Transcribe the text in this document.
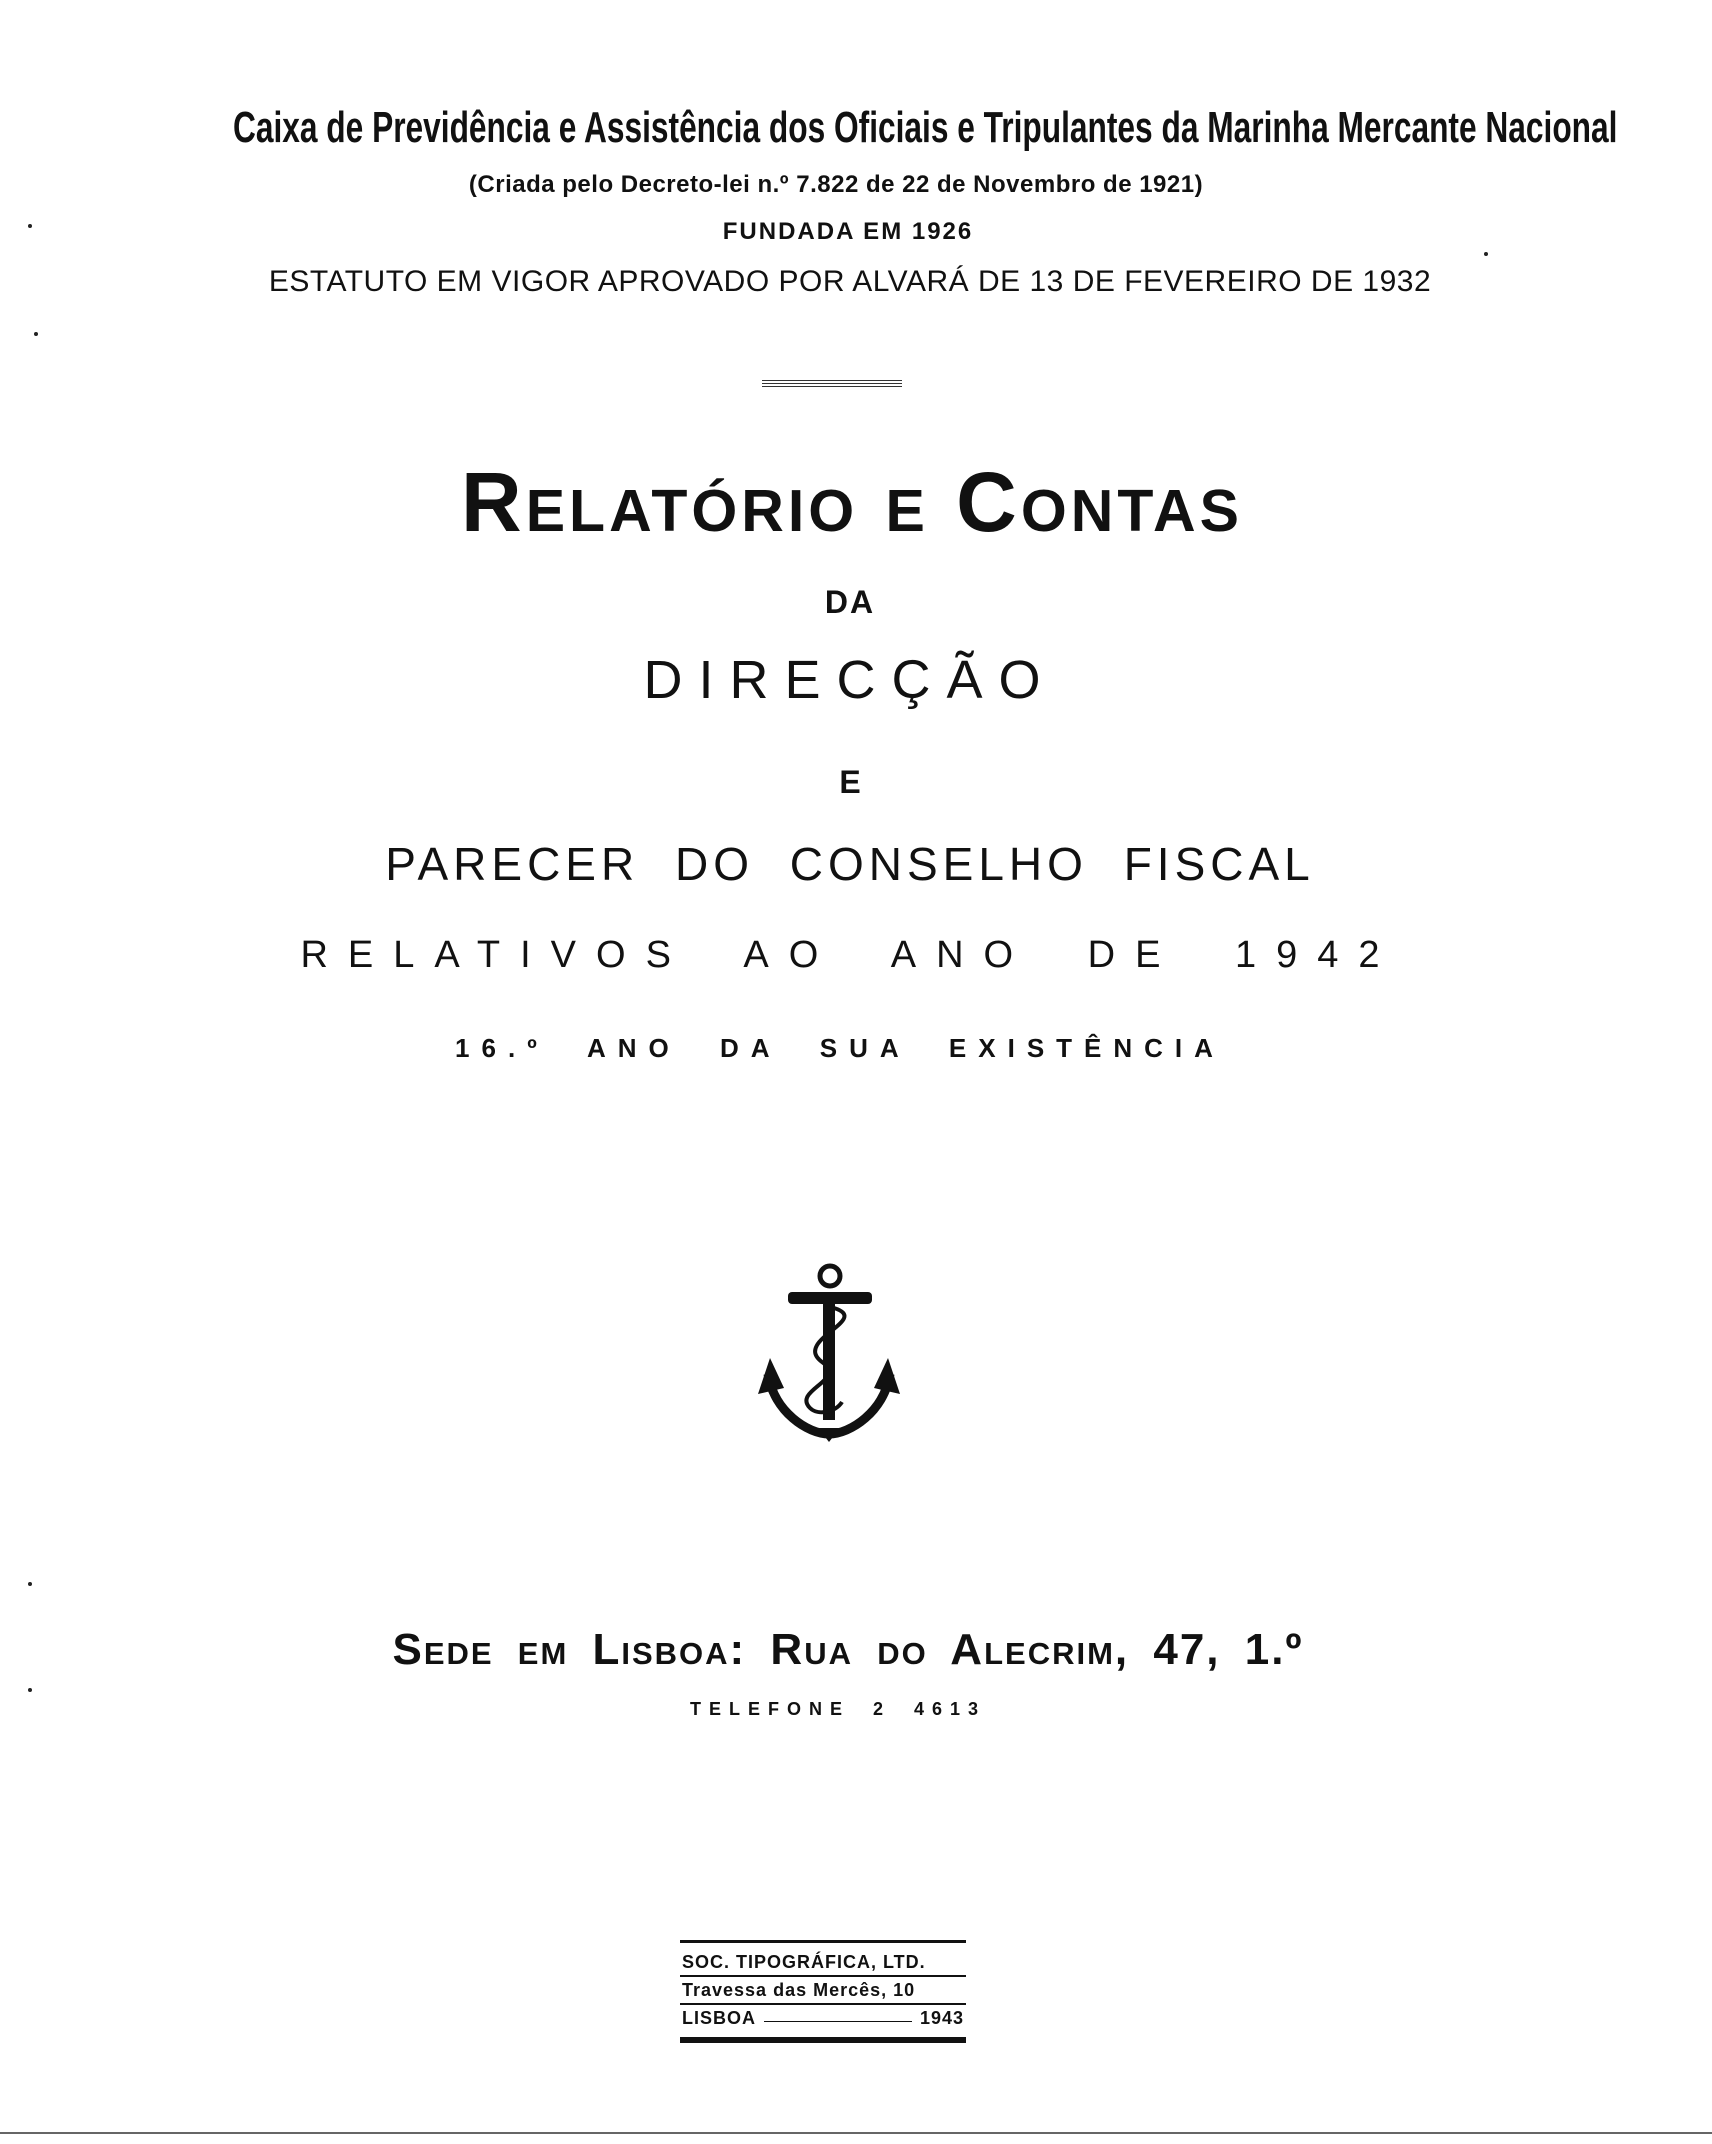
Caixa de Previdência e Assistência dos Oficiais e Tripulantes da Marinha Mercante Nacional
(Criada pelo Decreto-lei n.º 7.822 de 22 de Novembro de 1921)
FUNDADA EM 1926
ESTATUTO EM VIGOR APROVADO POR ALVARÁ DE 13 DE FEVEREIRO DE 1932
Relatório e Contas
DA
DIRECÇÃO
E
PARECER DO CONSELHO FISCAL
RELATIVOS AO ANO DE 1942
16.º ANO DA SUA EXISTÊNCIA
Sede em Lisboa: Rua do Alecrim, 47, 1.º
TELEFONE 2 4613
SOC. TIPOGRÁFICA, LTD.
Travessa das Mercês, 10
LISBOA	1943
